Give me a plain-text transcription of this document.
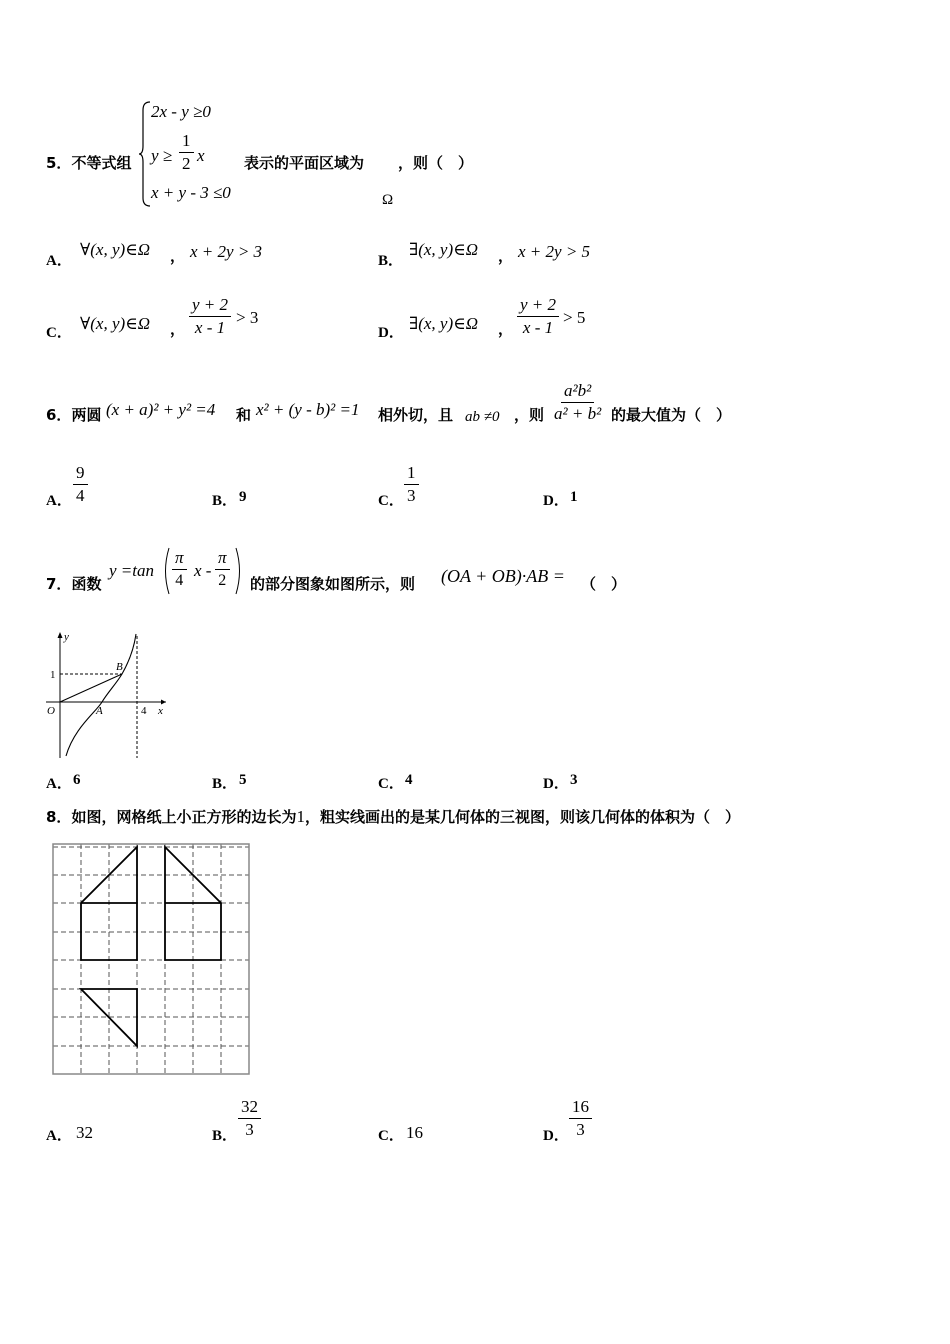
5．不等式组
2x - y ≥0
$y \ge \frac{1}{2}$ x
x + y - 3 ≤0
表示的平面区域为 ，则（　）
Ω
A．
∀(x, y)∈Ω ， x + 2y > 3	B．
∃(x, y)∈Ω ， x + 2y > 5
C． ∀(x, y)∈Ω ， $\frac{y + 2}{x - 1} > 3$
D． ∃(x, y)∈Ω ， $\frac{y + 2}{x - 1} > 5$
6．两圆 (x + a)² + y² =4 和 x² + (y - b)² =1 相外切，且 ab ≠0 ，则 $\frac{\text{a²b²}}{\text{a² + b²}}$ 的最大值为（　）
A． $\frac{9}{4}$	B． 9	C． $\frac{1}{3}$	D． 1
7．函数
$y =\tan \frac{\pi}{4}$ x - $\frac{\pi}{2}$ 的部分图象如图所示，则 (OA + OB)·AB = （　）
y
x
O	A
B
1
4
A． 6	B． 5	C． 4	D． 3
8．如图，网格纸上小正方形的边长为1，粗实线画出的是某几何体的三视图，则该几何体的体积为（　）
A． 32	B． $\frac{32}{3}$	C． 16	D． $\frac{16}{3}$
